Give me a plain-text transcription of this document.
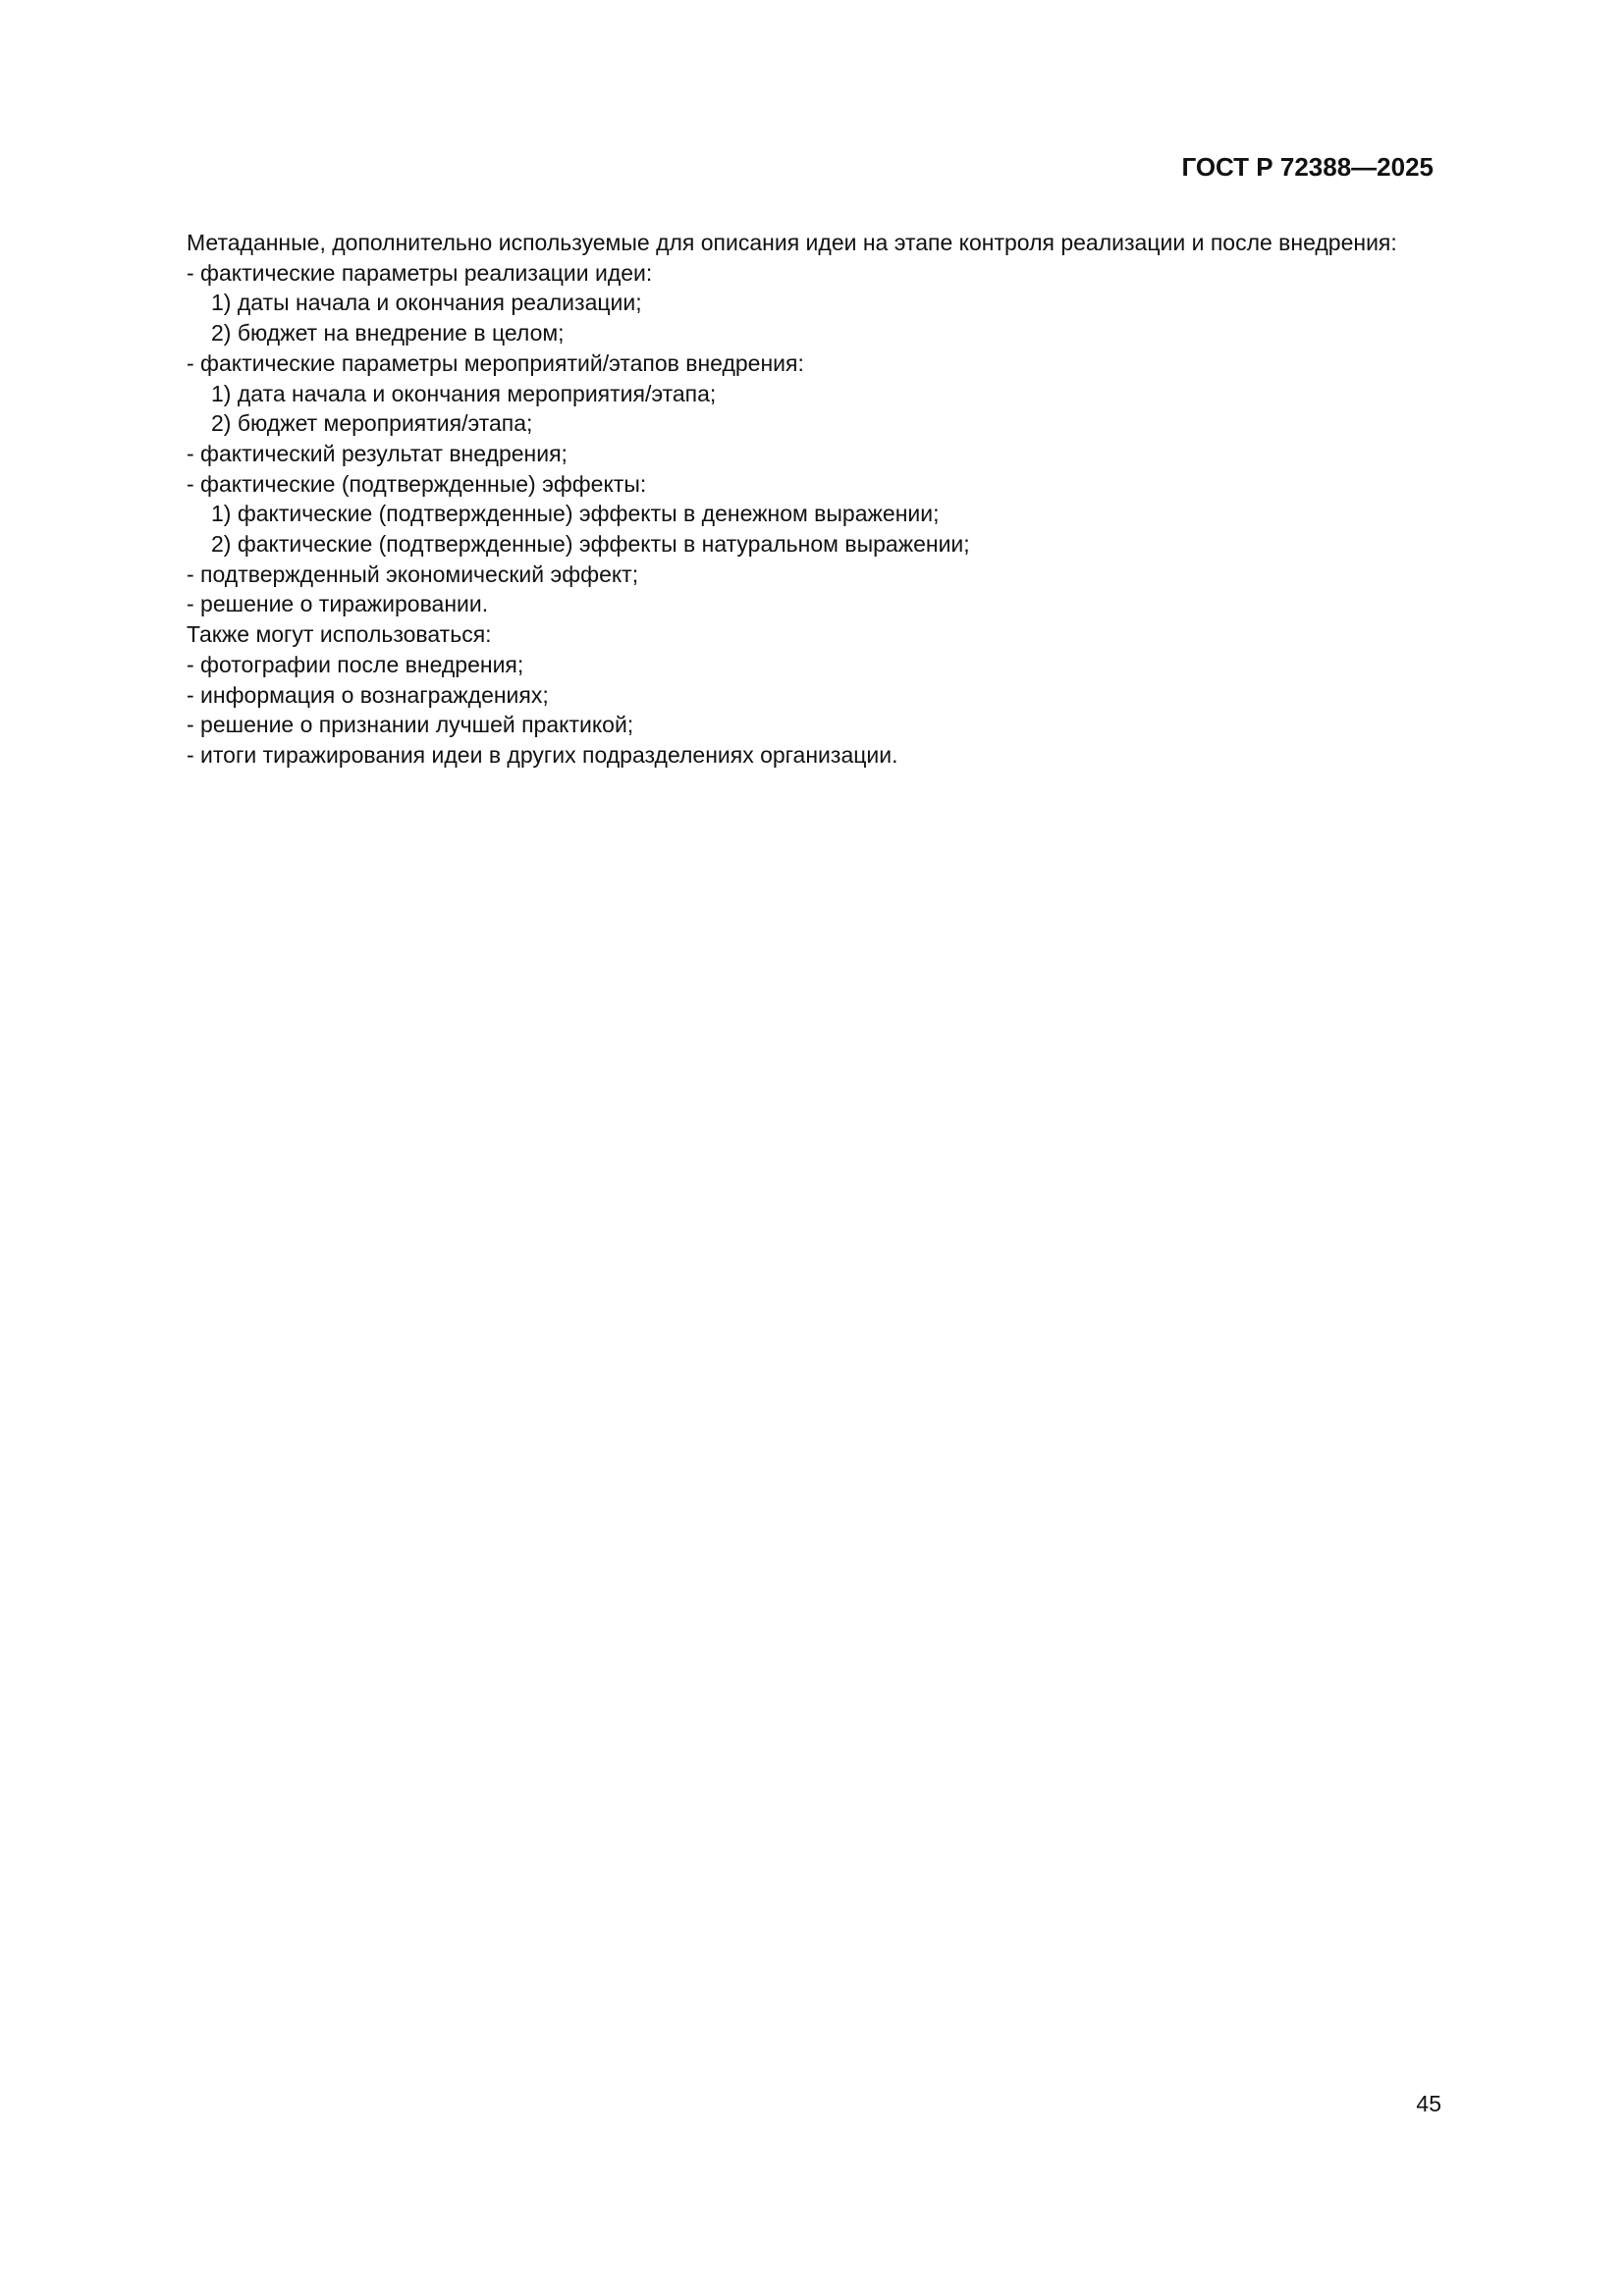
ГОСТ Р 72388—2025

Метаданные, дополнительно используемые для описания идеи на этапе контроля реализации и после внедрения:

- фактические параметры реализации идеи:

1) даты начала и окончания реализации;

2) бюджет на внедрение в целом;

- фактические параметры мероприятий/этапов внедрения:

1) дата начала и окончания мероприятия/этапа;

2) бюджет мероприятия/этапа;

- фактический результат внедрения;

- фактические (подтвержденные) эффекты:

1) фактические (подтвержденные) эффекты в денежном выражении;

2) фактические (подтвержденные) эффекты в натуральном выражении;

- подтвержденный экономический эффект;

- решение о тиражировании.

Также могут использоваться:

- фотографии после внедрения;

- информация о вознаграждениях;

- решение о признании лучшей практикой;

- итоги тиражирования идеи в других подразделениях организации.

45
